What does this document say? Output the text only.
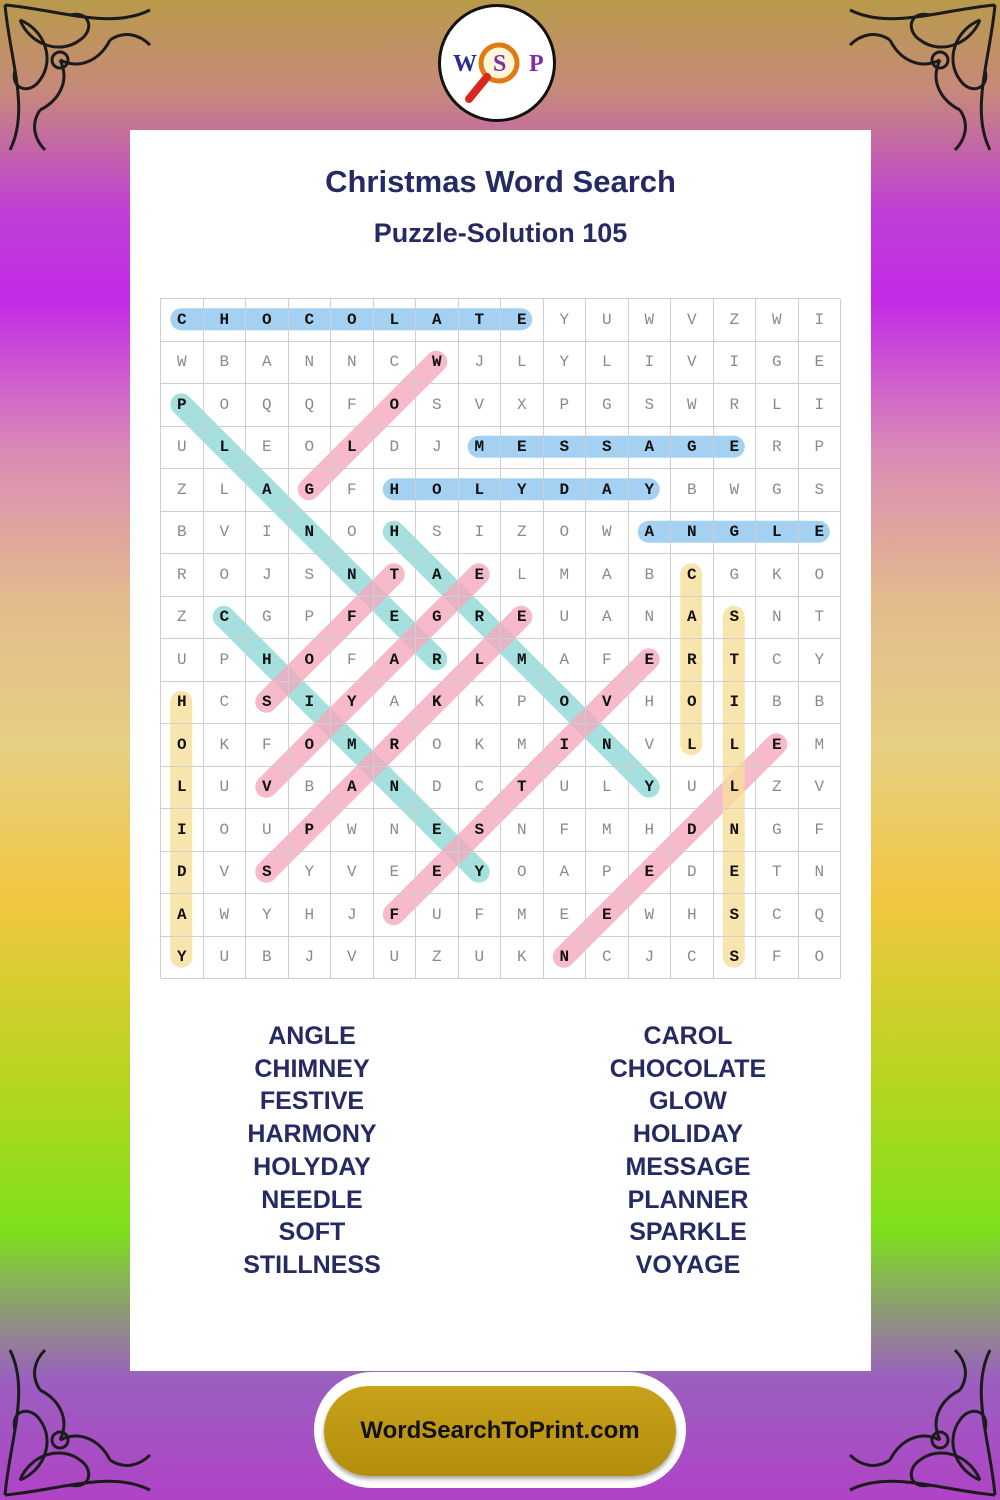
W S P
Christmas Word Search
Puzzle-Solution 105
C	H	O	C	O	L	A	T	E	Y	U	W	V	Z	W	I
W	B	A	N	N	C	W	J	L	Y	L	I	V	I	G	E
P	O	Q	Q	F	O	S	V	X	P	G	S	W	R	L	I
U	L	E	O	L	D	J	M	E	S	S	A	G	E	R	P
Z	L	A	G	F	H	O	L	Y	D	A	Y	B	W	G	S
B	V	I	N	O	H	S	I	Z	O	W	A	N	G	L	E
R	O	J	S	N	T	A	E	L	M	A	B	C	G	K	O
Z	C	G	P	F	E	G	R	E	U	A	N	A	S	N	T
U	P	H	O	F	A	R	L	M	A	F	E	R	T	C	Y
H	C	S	I	Y	A	K	K	P	O	V	H	O	I	B	B
O	K	F	O	M	R	O	K	M	I	N	V	L	L	E	M
L	U	V	B	A	N	D	C	T	U	L	Y	U	L	Z	V
I	O	U	P	W	N	E	S	N	F	M	H	D	N	G	F
D	V	S	Y	V	E	E	Y	O	A	P	E	D	E	T	N
A	W	Y	H	J	F	U	F	M	E	E	W	H	S	C	Q
Y	U	B	J	V	U	Z	U	K	N	C	J	C	S	F	O
ANGLE
CHIMNEY
FESTIVE
HARMONY
HOLYDAY
NEEDLE
SOFT
STILLNESS
CAROL
CHOCOLATE
GLOW
HOLIDAY
MESSAGE
PLANNER
SPARKLE
VOYAGE
WordSearchToPrint.com
